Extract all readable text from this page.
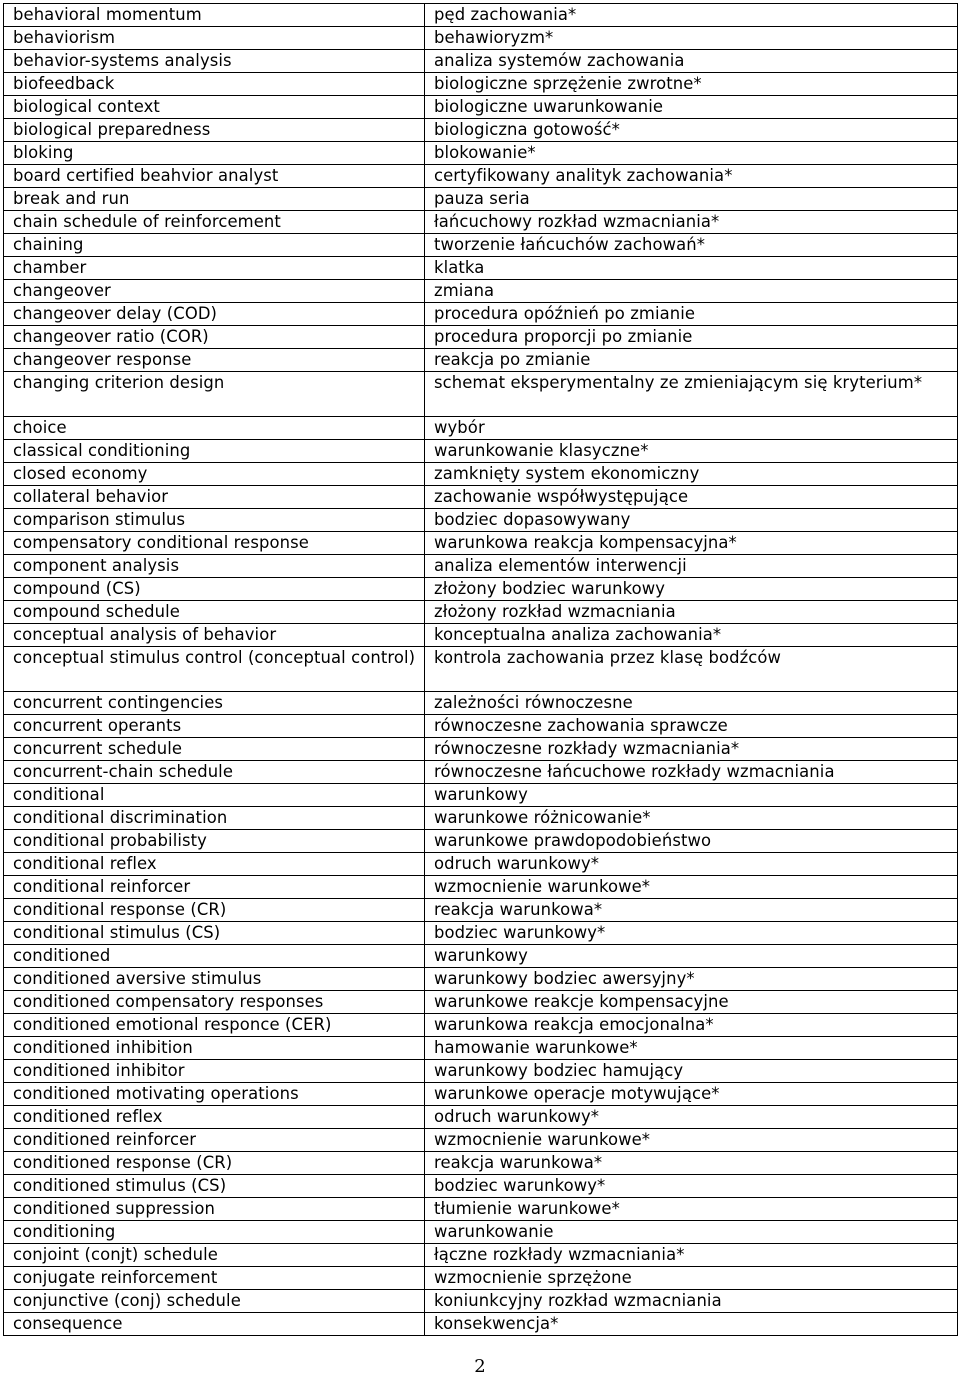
behavioral momentum	pęd zachowania*
behaviorism	behawioryzm*
behavior-systems analysis	analiza systemów zachowania
biofeedback	biologiczne sprzężenie zwrotne*
biological context	biologiczne uwarunkowanie
biological preparedness	biologiczna gotowość*
bloking	blokowanie*
board certified beahvior analyst	certyfikowany analityk zachowania*
break and run	pauza seria
chain schedule of reinforcement	łańcuchowy rozkład wzmacniania*
chaining	tworzenie łańcuchów zachowań*
chamber	klatka
changeover	zmiana
changeover delay (COD)	procedura opóźnień po zmianie
changeover ratio (COR)	procedura proporcji po zmianie
changeover response	reakcja po zmianie
changing criterion design	schemat eksperymentalny ze zmieniającym się kryterium*
choice	wybór
classical conditioning	warunkowanie klasyczne*
closed economy	zamknięty system ekonomiczny
collateral behavior	zachowanie współwystępujące
comparison stimulus	bodziec dopasowywany
compensatory conditional response	warunkowa reakcja kompensacyjna*
component analysis	analiza elementów interwencji
compound (CS)	złożony bodziec warunkowy
compound schedule	złożony rozkład wzmacniania
conceptual analysis of behavior	konceptualna analiza zachowania*
conceptual stimulus control (conceptual control)	kontrola zachowania przez klasę bodźców
concurrent contingencies	zależności równoczesne
concurrent operants	równoczesne zachowania sprawcze
concurrent schedule	równoczesne rozkłady wzmacniania*
concurrent-chain schedule	równoczesne łańcuchowe rozkłady wzmacniania
conditional	warunkowy
conditional discrimination	warunkowe różnicowanie*
conditional probabilisty	warunkowe prawdopodobieństwo
conditional reflex	odruch warunkowy*
conditional reinforcer	wzmocnienie warunkowe*
conditional response (CR)	reakcja warunkowa*
conditional stimulus (CS)	bodziec warunkowy*
conditioned	warunkowy
conditioned aversive stimulus	warunkowy bodziec awersyjny*
conditioned compensatory responses	warunkowe reakcje kompensacyjne
conditioned emotional responce (CER)	warunkowa reakcja emocjonalna*
conditioned inhibition	hamowanie warunkowe*
conditioned inhibitor	warunkowy bodziec hamujący
conditioned motivating operations	warunkowe operacje motywujące*
conditioned reflex	odruch warunkowy*
conditioned reinforcer	wzmocnienie warunkowe*
conditioned response (CR)	reakcja warunkowa*
conditioned stimulus (CS)	bodziec warunkowy*
conditioned suppression	tłumienie warunkowe*
conditioning	warunkowanie
conjoint (conjt) schedule	łączne rozkłady wzmacniania*
conjugate reinforcement	wzmocnienie sprzężone
conjunctive (conj) schedule	koniunkcyjny rozkład wzmacniania
consequence	konsekwencja*
2
